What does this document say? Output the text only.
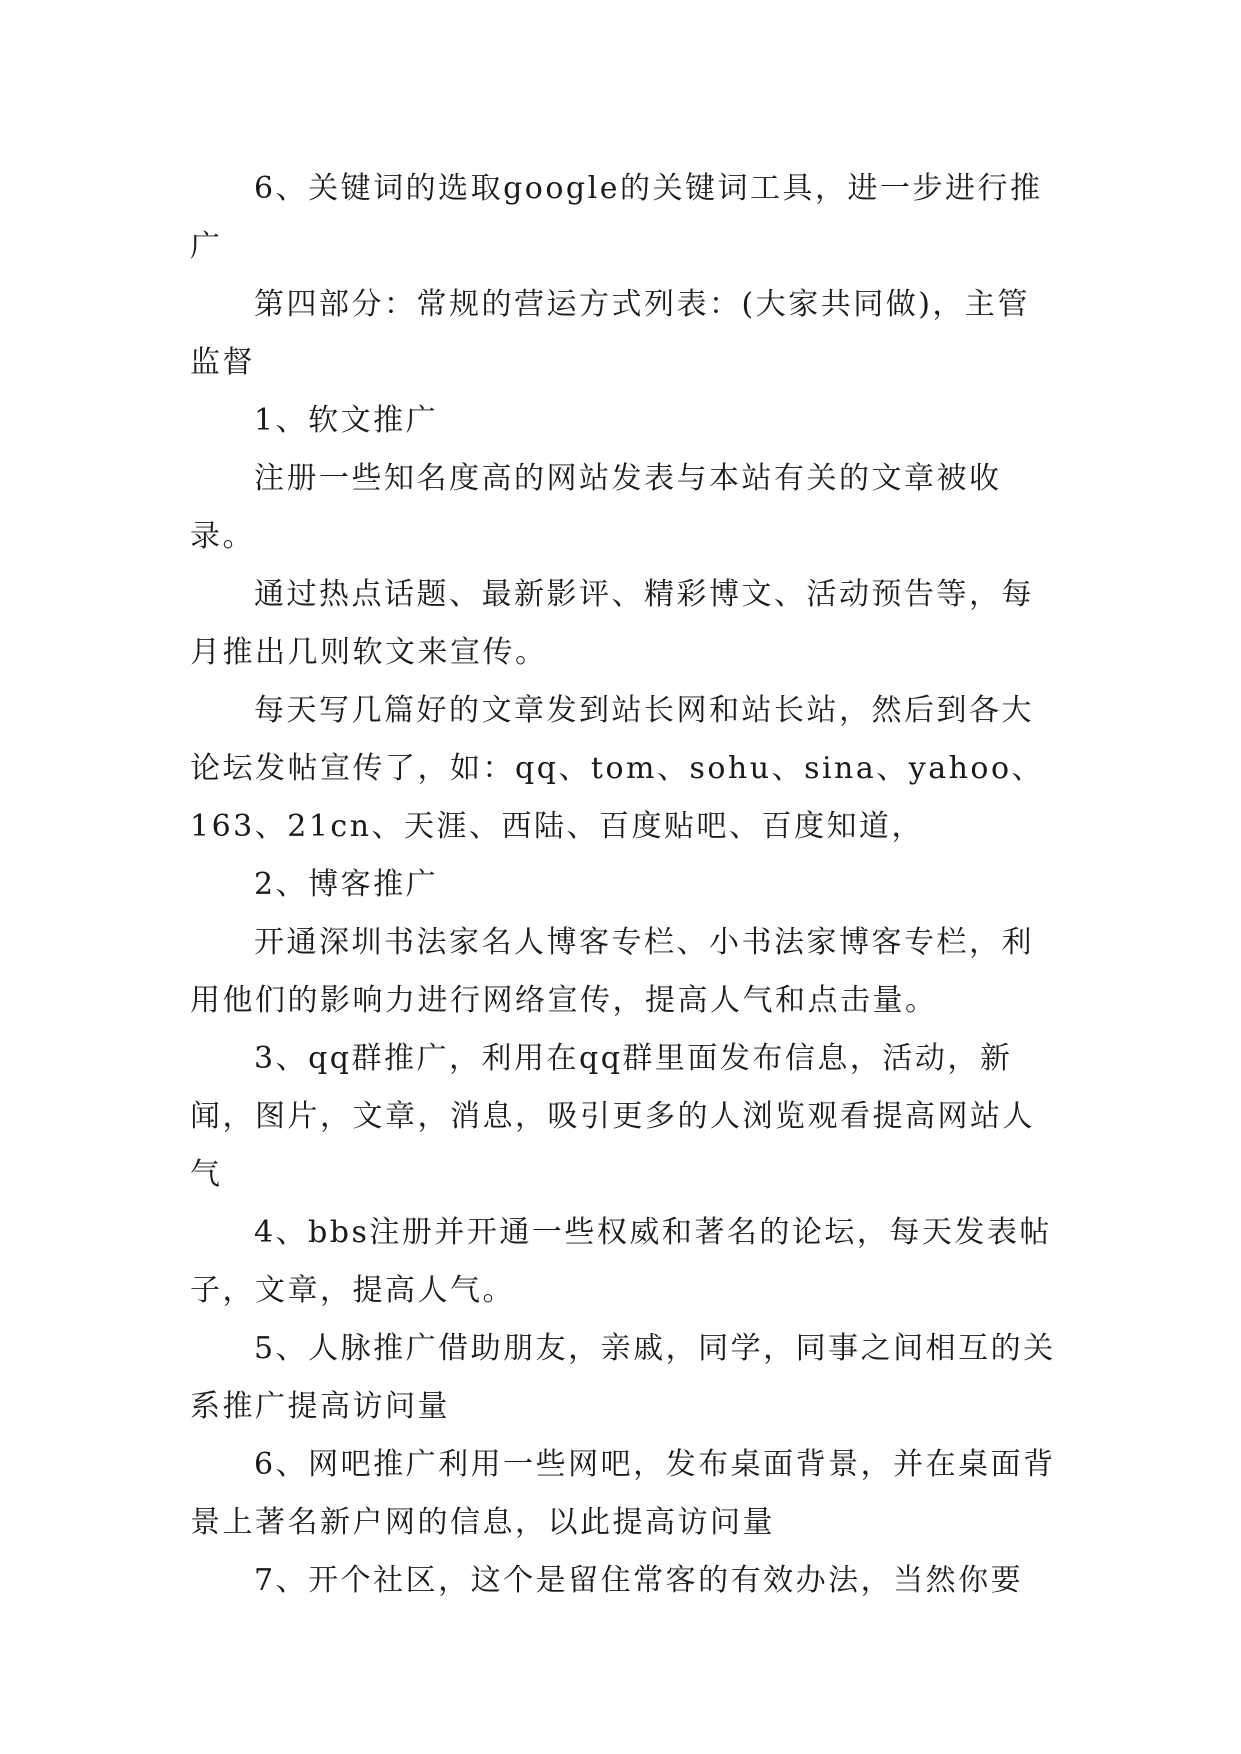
6、关键词的选取google的关键词工具，进一步进行推广

第四部分：常规的营运方式列表：(大家共同做)，主管监督

1、软文推广

注册一些知名度高的网站发表与本站有关的文章被收录。

通过热点话题、最新影评、精彩博文、活动预告等，每月推出几则软文来宣传。

每天写几篇好的文章发到站长网和站长站，然后到各大论坛发帖宣传了，如：qq、tom、sohu、sina、yahoo、163、21cn、天涯、西陆、百度贴吧、百度知道，

2、博客推广

开通深圳书法家名人博客专栏、小书法家博客专栏，利用他们的影响力进行网络宣传，提高人气和点击量。

3、qq群推广，利用在qq群里面发布信息，活动，新闻，图片，文章，消息，吸引更多的人浏览观看提高网站人气

4、bbs注册并开通一些权威和著名的论坛，每天发表帖子，文章，提高人气。

5、人脉推广借助朋友，亲戚，同学，同事之间相互的关系推广提高访问量

6、网吧推广利用一些网吧，发布桌面背景，并在桌面背景上著名新户网的信息，以此提高访问量

7、开个社区，这个是留住常客的有效办法，当然你要
